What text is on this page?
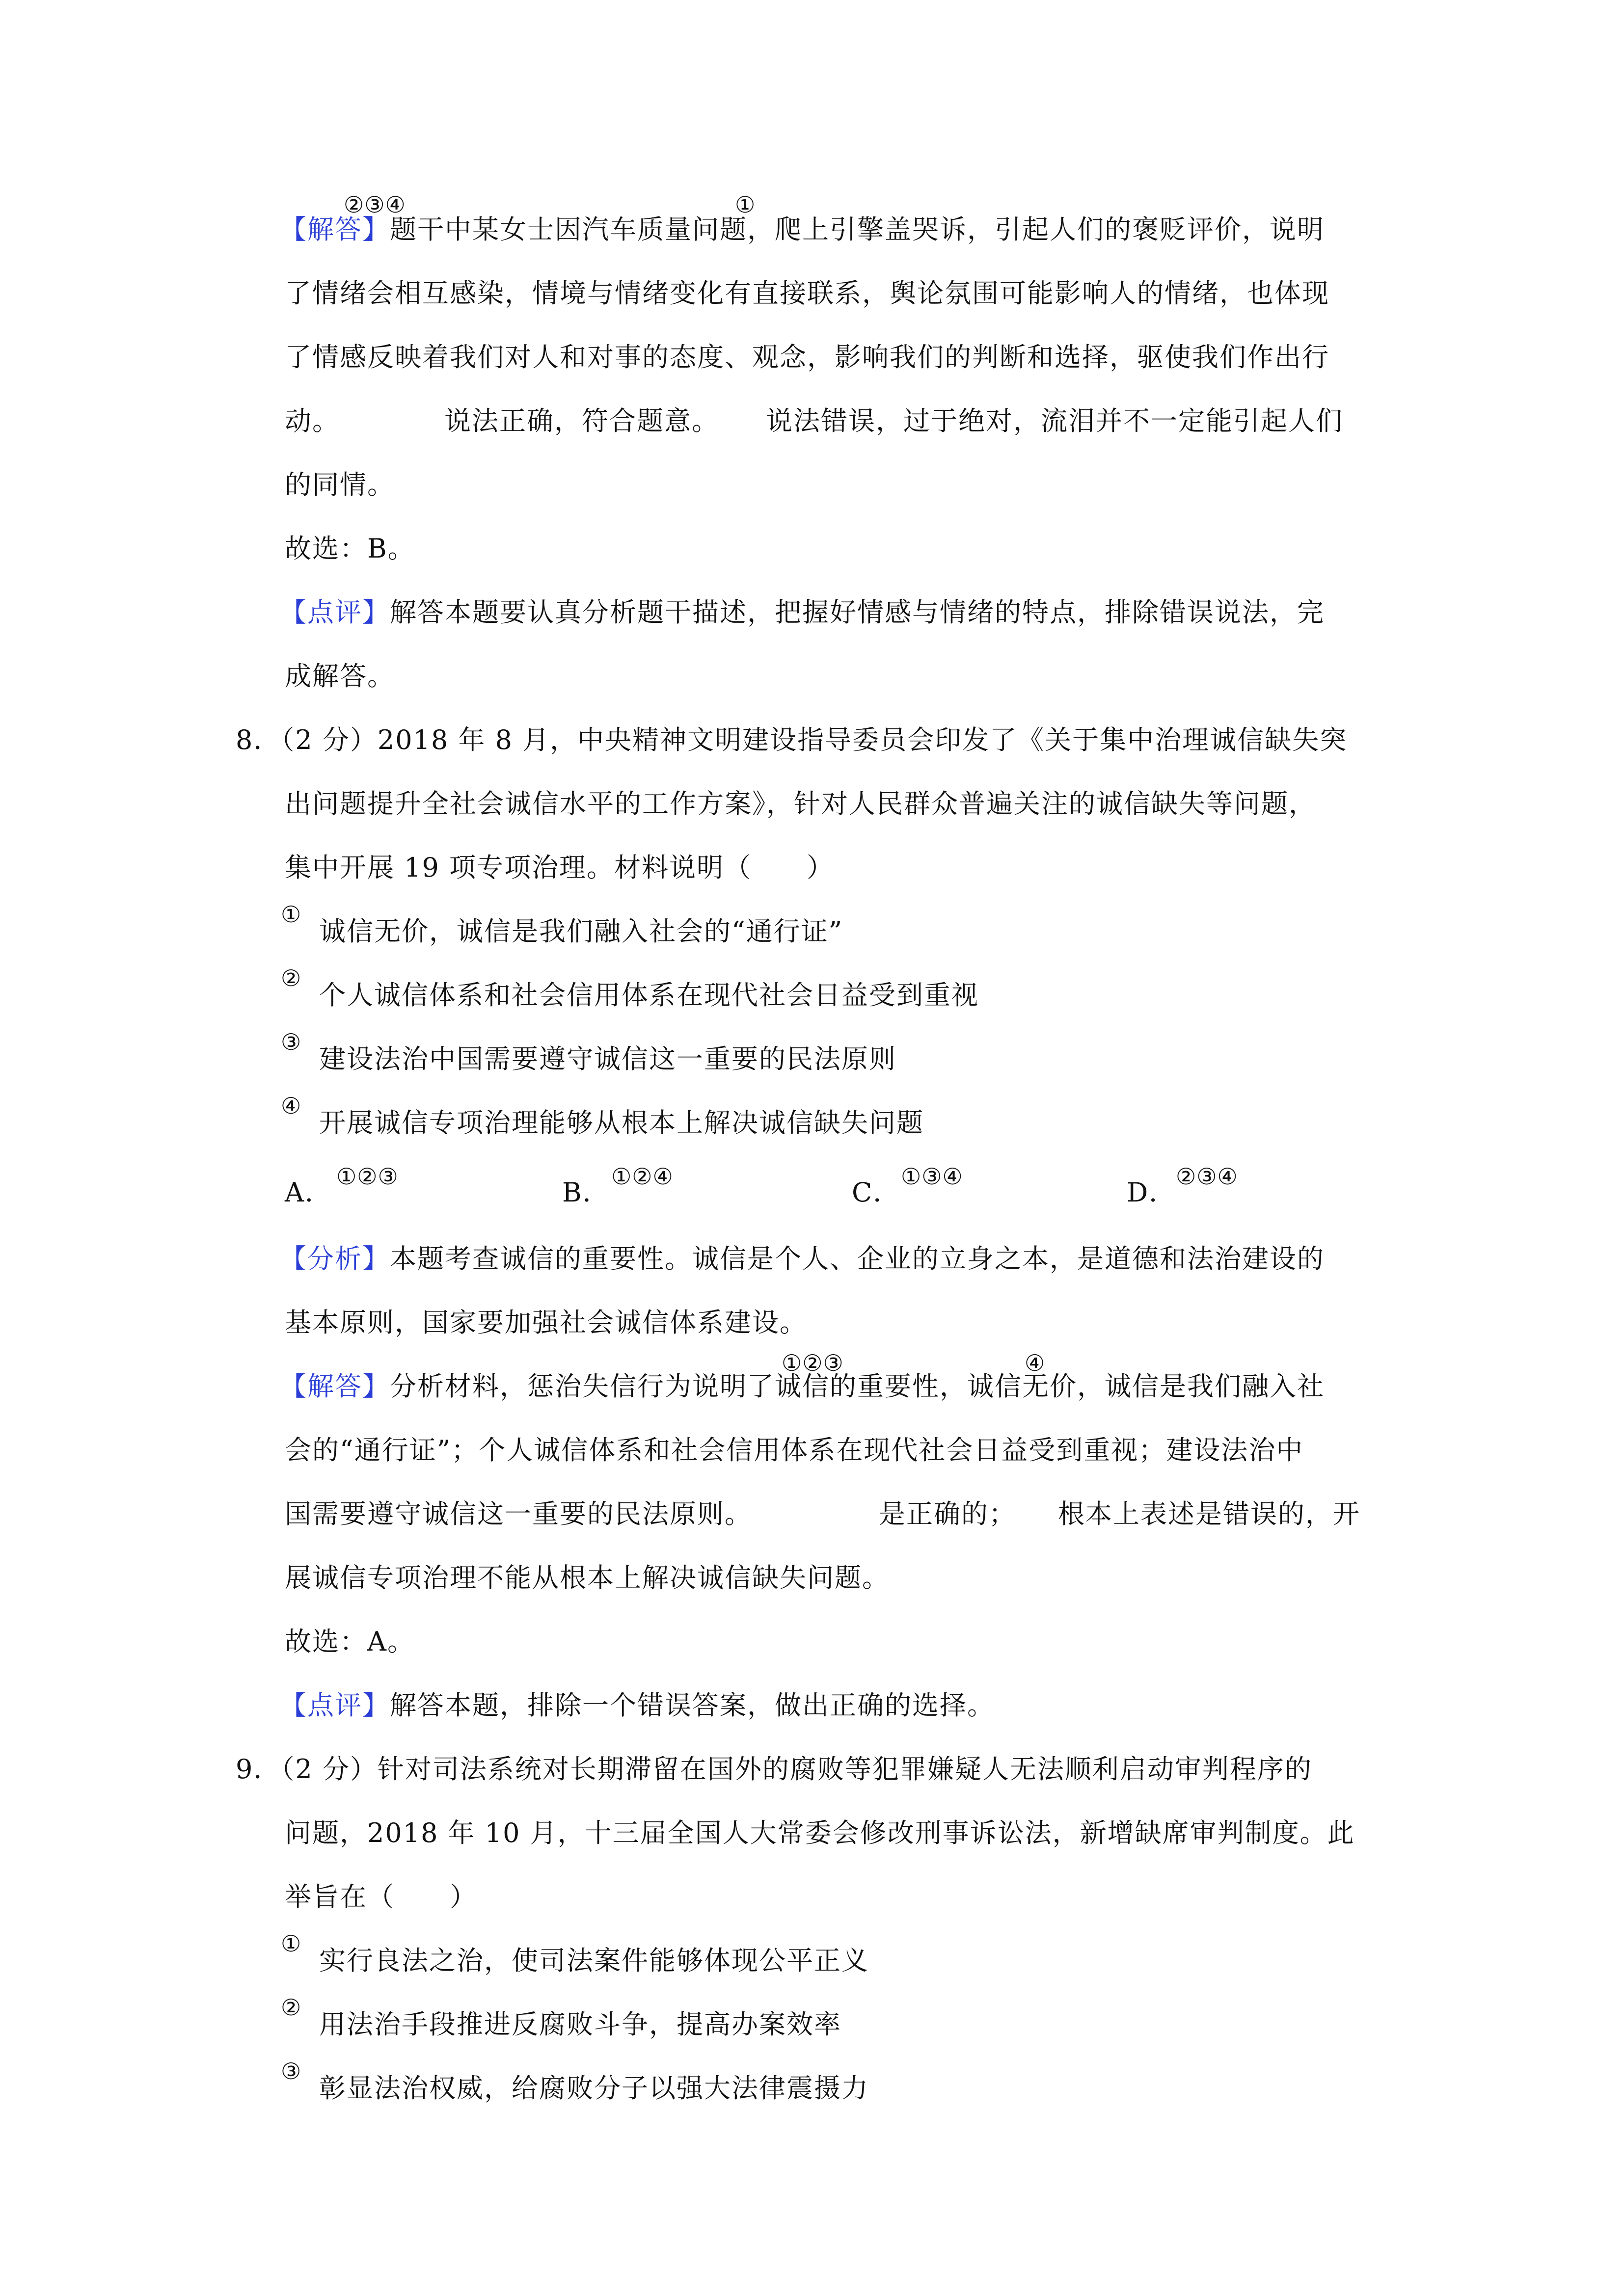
②③④	①
【解答】题干中某女士因汽车质量问题，爬上引擎盖哭诉，引起人们的褒贬评价，说明
了情绪会相互感染，情境与情绪变化有直接联系，舆论氛围可能影响人的情绪，也体现
了情感反映着我们对人和对事的态度、观念，影响我们的判断和选择，驱使我们作出行
动。	说法正确，符合题意。 说法错误，过于绝对，流泪并不一定能引起人们
的同情。
故选：B。
【点评】解答本题要认真分析题干描述，把握好情感与情绪的特点，排除错误说法，完
成解答。
8．（2 分）2018 年 8 月，中央精神文明建设指导委员会印发了《关于集中治理诚信缺失突
出问题提升全社会诚信水平的工作方案》，针对人民群众普遍关注的诚信缺失等问题，
集中开展 19 项专项治理。材料说明（　　）
①
诚信无价，诚信是我们融入社会的“通行证”
②
个人诚信体系和社会信用体系在现代社会日益受到重视
③
建设法治中国需要遵守诚信这一重要的民法原则
④
开展诚信专项治理能够从根本上解决诚信缺失问题
A．
①②③
B．
①②④
C．
①③④
D．
②③④
【分析】本题考查诚信的重要性。诚信是个人、企业的立身之本，是道德和法治建设的
基本原则，国家要加强社会诚信体系建设。
①②③	④
【解答】分析材料，惩治失信行为说明了诚信的重要性，诚信无价，诚信是我们融入社
会的“通行证”；个人诚信体系和社会信用体系在现代社会日益受到重视；建设法治中
国需要遵守诚信这一重要的民法原则。	是正确的； 根本上表述是错误的，开
展诚信专项治理不能从根本上解决诚信缺失问题。
故选：A。
【点评】解答本题，排除一个错误答案，做出正确的选择。
9．（2 分）针对司法系统对长期滞留在国外的腐败等犯罪嫌疑人无法顺利启动审判程序的
问题，2018 年 10 月，十三届全国人大常委会修改刑事诉讼法，新增缺席审判制度。此
举旨在（　　）
①
实行良法之治，使司法案件能够体现公平正义
②
用法治手段推进反腐败斗争，提高办案效率
③
彰显法治权威，给腐败分子以强大法律震摄力
